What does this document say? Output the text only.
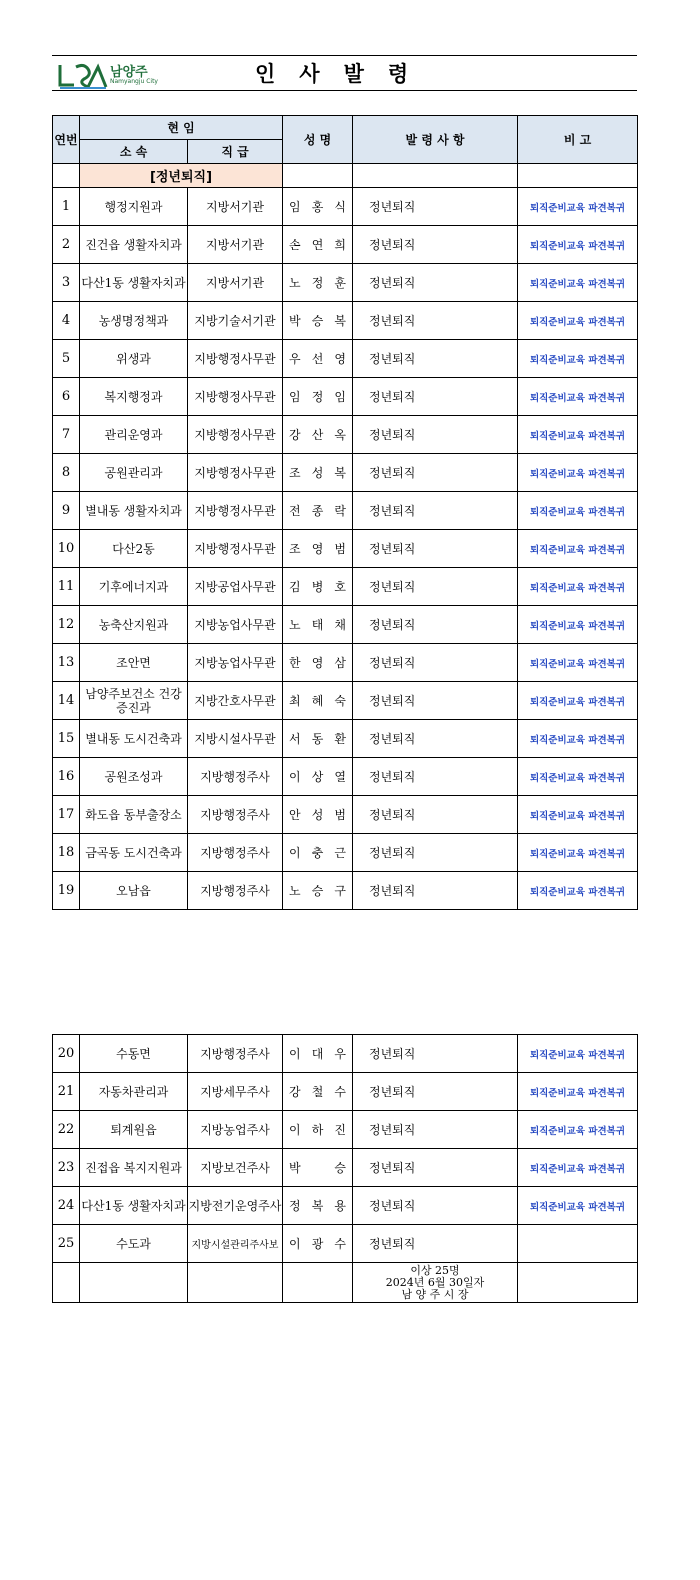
남양주
Namyangju City	인사발령
연번	현 임		성 명	발 령 사 항	비 고
	소 속	직 급			
	[정년퇴직]				
1	행정지원과	지방서기관	임 홍 식	정년퇴직	퇴직준비교육 파견복귀
2	진건읍 생활자치과	지방서기관	손 연 희	정년퇴직	퇴직준비교육 파견복귀
3	다산1동 생활자치과	지방서기관	노 정 훈	정년퇴직	퇴직준비교육 파견복귀
4	농생명정책과	지방기술서기관	박 승 복	정년퇴직	퇴직준비교육 파견복귀
5	위생과	지방행정사무관	우 선 영	정년퇴직	퇴직준비교육 파견복귀
6	복지행정과	지방행정사무관	임 정 임	정년퇴직	퇴직준비교육 파견복귀
7	관리운영과	지방행정사무관	강 산 옥	정년퇴직	퇴직준비교육 파견복귀
8	공원관리과	지방행정사무관	조 성 복	정년퇴직	퇴직준비교육 파견복귀
9	별내동 생활자치과	지방행정사무관	전 종 락	정년퇴직	퇴직준비교육 파견복귀
10	다산2동	지방행정사무관	조 영 범	정년퇴직	퇴직준비교육 파견복귀
11	기후에너지과	지방공업사무관	김 병 호	정년퇴직	퇴직준비교육 파견복귀
12	농축산지원과	지방농업사무관	노 태 채	정년퇴직	퇴직준비교육 파견복귀
13	조안면	지방농업사무관	한 영 삼	정년퇴직	퇴직준비교육 파견복귀
14	남양주보건소 건강증진과	지방간호사무관	최 혜 숙	정년퇴직	퇴직준비교육 파견복귀
15	별내동 도시건축과	지방시설사무관	서 동 환	정년퇴직	퇴직준비교육 파견복귀
16	공원조성과	지방행정주사	이 상 열	정년퇴직	퇴직준비교육 파견복귀
17	화도읍 동부출장소	지방행정주사	안 성 범	정년퇴직	퇴직준비교육 파견복귀
18	금곡동 도시건축과	지방행정주사	이 충 근	정년퇴직	퇴직준비교육 파견복귀
19	오남읍	지방행정주사	노 승 구	정년퇴직	퇴직준비교육 파견복귀
20	수동면	지방행정주사	이 대 우	정년퇴직	퇴직준비교육 파견복귀
21	자동차관리과	지방세무주사	강 철 수	정년퇴직	퇴직준비교육 파견복귀
22	퇴계원읍	지방농업주사	이 하 진	정년퇴직	퇴직준비교육 파견복귀
23	진접읍 복지지원과	지방보건주사	박 승	정년퇴직	퇴직준비교육 파견복귀
24	다산1동 생활자치과	지방전기운영주사	정 복 용	정년퇴직	퇴직준비교육 파견복귀
25	수도과	지방시설관리주사보	이 광 수	정년퇴직	

				이상 25명
2024년 6월 30일자
남 양 주 시 장	
